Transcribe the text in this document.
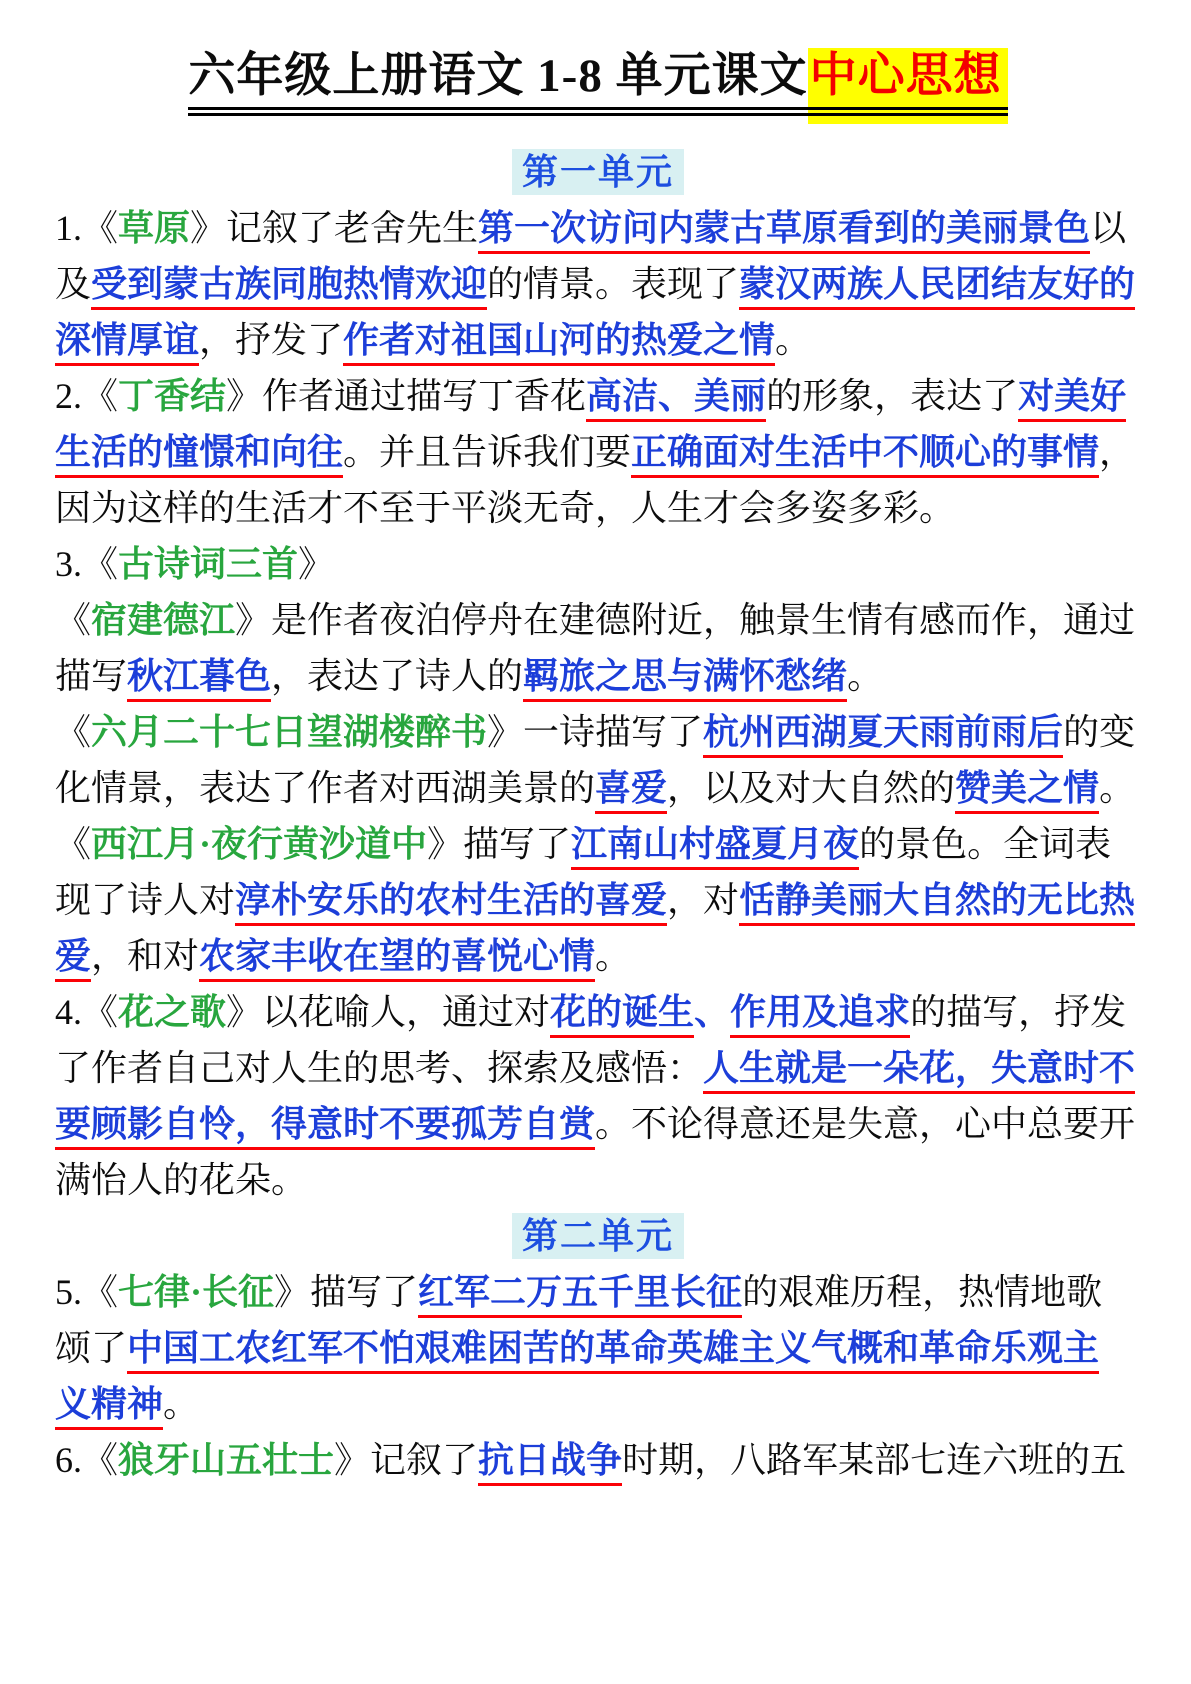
六年级上册语文 1-8 单元课文中心思想
第一单元
1.《草原》记叙了老舍先生第一次访问内蒙古草原看到的美丽景色以
及受到蒙古族同胞热情欢迎的情景。表现了蒙汉两族人民团结友好的
深情厚谊，抒发了作者对祖国山河的热爱之情。
2.《丁香结》作者通过描写丁香花高洁、美丽的形象，表达了对美好
生活的憧憬和向往。并且告诉我们要正确面对生活中不顺心的事情，
因为这样的生活才不至于平淡无奇，人生才会多姿多彩。
3.《古诗词三首》
《宿建德江》是作者夜泊停舟在建德附近，触景生情有感而作，通过
描写秋江暮色，表达了诗人的羁旅之思与满怀愁绪。
《六月二十七日望湖楼醉书》一诗描写了杭州西湖夏天雨前雨后的变
化情景，表达了作者对西湖美景的喜爱，以及对大自然的赞美之情。
《西江月·夜行黄沙道中》描写了江南山村盛夏月夜的景色。全词表
现了诗人对淳朴安乐的农村生活的喜爱，对恬静美丽大自然的无比热
爱，和对农家丰收在望的喜悦心情。
4.《花之歌》以花喻人，通过对花的诞生、作用及追求的描写，抒发
了作者自己对人生的思考、探索及感悟：人生就是一朵花，失意时不
要顾影自怜，得意时不要孤芳自赏。不论得意还是失意，心中总要开
满怡人的花朵。
第二单元
5.《七律·长征》描写了红军二万五千里长征的艰难历程，热情地歌
颂了中国工农红军不怕艰难困苦的革命英雄主义气概和革命乐观主
义精神。
6.《狼牙山五壮士》记叙了抗日战争时期，八路军某部七连六班的五
